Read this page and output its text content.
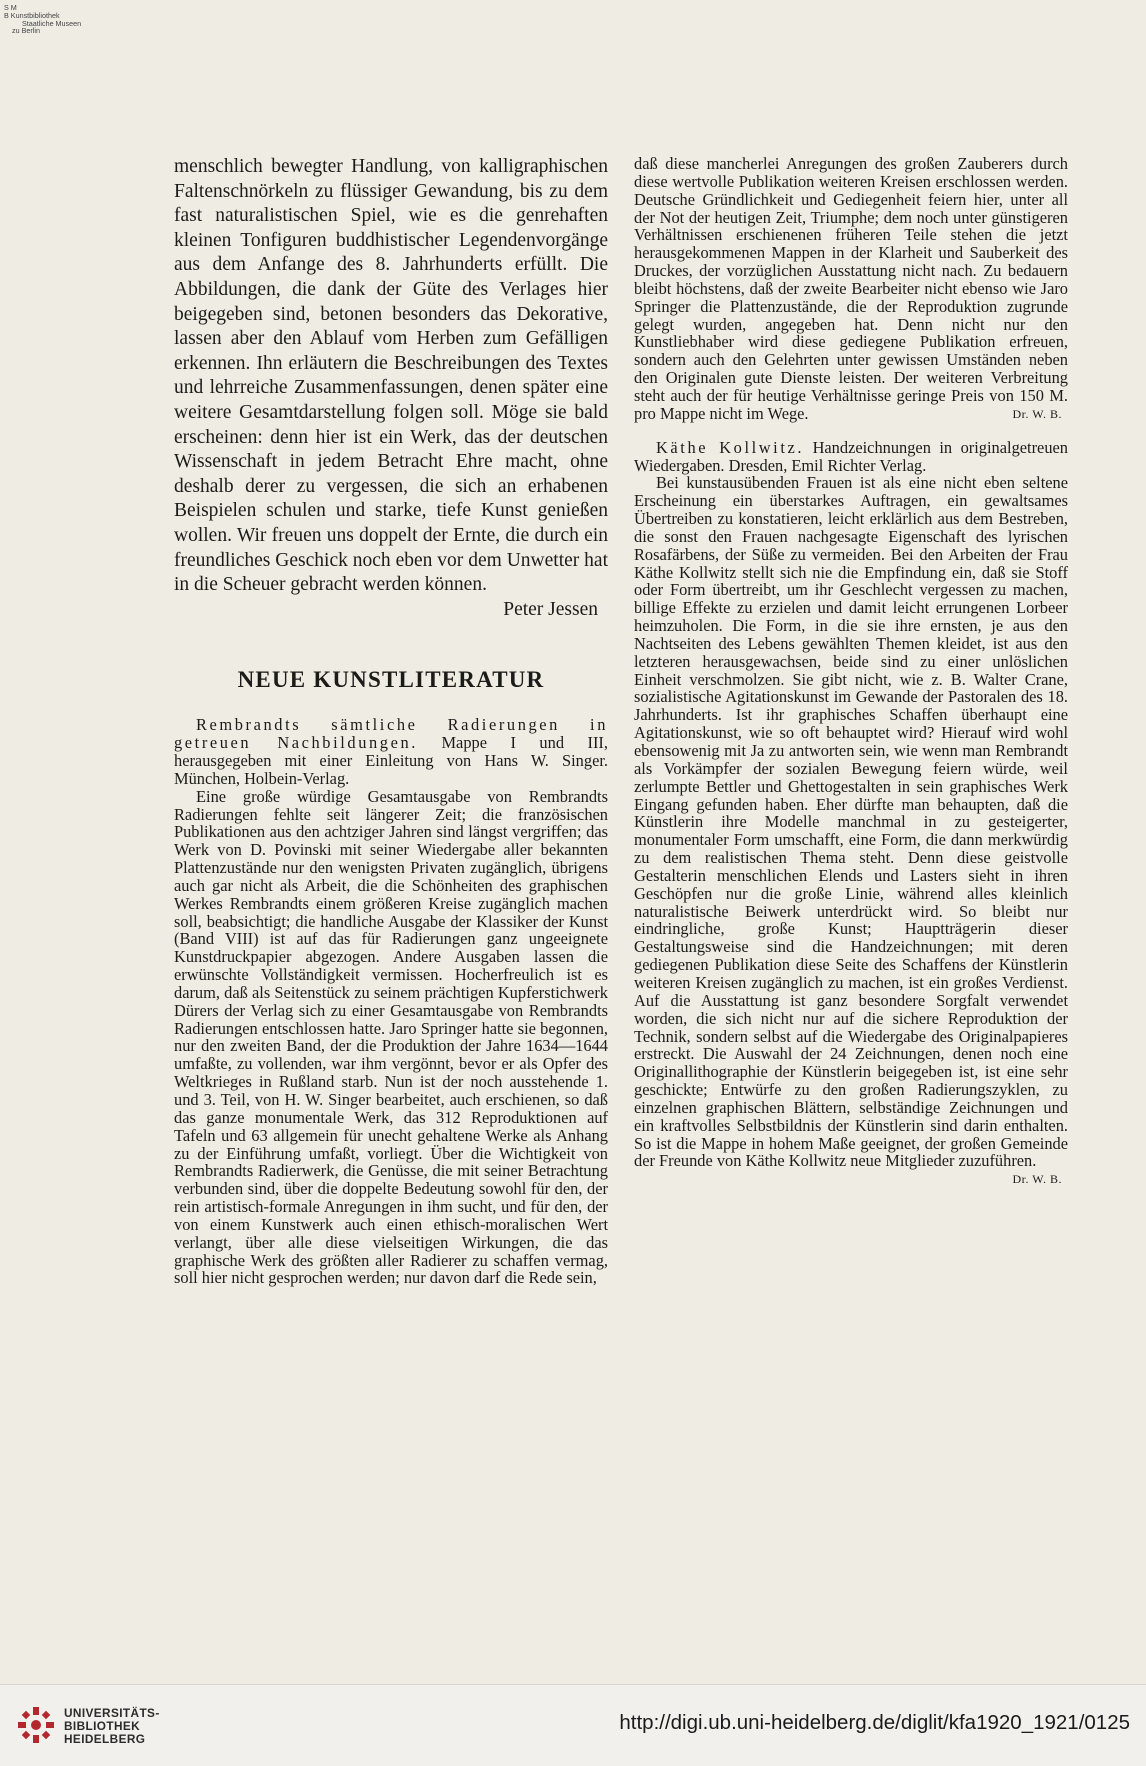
S M
B Kunstbibliothek
Staatliche Museen
zu Berlin

menschlich bewegter Handlung, von kalligraphischen Faltenschnörkeln zu flüssiger Gewandung, bis zu dem fast naturalistischen Spiel, wie es die genrehaften kleinen Tonfiguren buddhistischer Legendenvorgänge aus dem Anfange des 8. Jahrhunderts erfüllt. Die Abbildungen, die dank der Güte des Verlages hier beigegeben sind, betonen besonders das Dekorative, lassen aber den Ablauf vom Herben zum Gefälligen erkennen. Ihn erläutern die Beschreibungen des Textes und lehrreiche Zusammenfassungen, denen später eine weitere Gesamtdarstellung folgen soll. Möge sie bald erscheinen: denn hier ist ein Werk, das der deutschen Wissenschaft in jedem Betracht Ehre macht, ohne deshalb derer zu vergessen, die sich an erhabenen Beispielen schulen und starke, tiefe Kunst genießen wollen. Wir freuen uns doppelt der Ernte, die durch ein freundliches Geschick noch eben vor dem Unwetter hat in die Scheuer gebracht werden können.

Peter Jessen

NEUE KUNSTLITERATUR

Rembrandts sämtliche Radierungen in getreuen Nachbildungen. Mappe I und III, herausgegeben mit einer Einleitung von Hans W. Singer. München, Holbein-Verlag.

Eine große würdige Gesamtausgabe von Rembrandts Radierungen fehlte seit längerer Zeit; die französischen Publikationen aus den achtziger Jahren sind längst vergriffen; das Werk von D. Povinski mit seiner Wiedergabe aller bekannten Plattenzustände nur den wenigsten Privaten zugänglich, übrigens auch gar nicht als Arbeit, die die Schönheiten des graphischen Werkes Rembrandts einem größeren Kreise zugänglich machen soll, beabsichtigt; die handliche Ausgabe der Klassiker der Kunst (Band VIII) ist auf das für Radierungen ganz ungeeignete Kunstdruckpapier abgezogen. Andere Ausgaben lassen die erwünschte Vollständigkeit vermissen. Hocherfreulich ist es darum, daß als Seitenstück zu seinem prächtigen Kupferstichwerk Dürers der Verlag sich zu einer Gesamtausgabe von Rembrandts Radierungen entschlossen hatte. Jaro Springer hatte sie begonnen, nur den zweiten Band, der die Produktion der Jahre 1634—1644 umfaßte, zu vollenden, war ihm vergönnt, bevor er als Opfer des Weltkrieges in Rußland starb. Nun ist der noch ausstehende 1. und 3. Teil, von H. W. Singer bearbeitet, auch erschienen, so daß das ganze monumentale Werk, das 312 Reproduktionen auf Tafeln und 63 allgemein für unecht gehaltene Werke als Anhang zu der Einführung umfaßt, vorliegt. Über die Wichtigkeit von Rembrandts Radierwerk, die Genüsse, die mit seiner Betrachtung verbunden sind, über die doppelte Bedeutung sowohl für den, der rein artistisch-formale Anregungen in ihm sucht, und für den, der von einem Kunstwerk auch einen ethisch-moralischen Wert verlangt, über alle diese vielseitigen Wirkungen, die das graphische Werk des größten aller Radierer zu schaffen vermag, soll hier nicht gesprochen werden; nur davon darf die Rede sein,

daß diese mancherlei Anregungen des großen Zauberers durch diese wertvolle Publikation weiteren Kreisen erschlossen werden. Deutsche Gründlichkeit und Gediegenheit feiern hier, unter all der Not der heutigen Zeit, Triumphe; dem noch unter günstigeren Verhältnissen erschienenen früheren Teile stehen die jetzt herausgekommenen Mappen in der Klarheit und Sauberkeit des Druckes, der vorzüglichen Ausstattung nicht nach. Zu bedauern bleibt höchstens, daß der zweite Bearbeiter nicht ebenso wie Jaro Springer die Plattenzustände, die der Reproduktion zugrunde gelegt wurden, angegeben hat. Denn nicht nur den Kunstliebhaber wird diese gediegene Publikation erfreuen, sondern auch den Gelehrten unter gewissen Umständen neben den Originalen gute Dienste leisten. Der weiteren Verbreitung steht auch der für heutige Verhältnisse geringe Preis von 150 M. pro Mappe nicht im Wege.	Dr. W. B.

Käthe Kollwitz. Handzeichnungen in originalgetreuen Wiedergaben. Dresden, Emil Richter Verlag.

Bei kunstausübenden Frauen ist als eine nicht eben seltene Erscheinung ein überstarkes Auftragen, ein gewaltsames Übertreiben zu konstatieren, leicht erklärlich aus dem Bestreben, die sonst den Frauen nachgesagte Eigenschaft des lyrischen Rosafärbens, der Süße zu vermeiden. Bei den Arbeiten der Frau Käthe Kollwitz stellt sich nie die Empfindung ein, daß sie Stoff oder Form übertreibt, um ihr Geschlecht vergessen zu machen, billige Effekte zu erzielen und damit leicht errungenen Lorbeer heimzuholen. Die Form, in die sie ihre ernsten, je aus den Nachtseiten des Lebens gewählten Themen kleidet, ist aus den letzteren herausgewachsen, beide sind zu einer unlöslichen Einheit verschmolzen. Sie gibt nicht, wie z. B. Walter Crane, sozialistische Agitationskunst im Gewande der Pastoralen des 18. Jahrhunderts. Ist ihr graphisches Schaffen überhaupt eine Agitationskunst, wie so oft behauptet wird? Hierauf wird wohl ebensowenig mit Ja zu antworten sein, wie wenn man Rembrandt als Vorkämpfer der sozialen Bewegung feiern würde, weil zerlumpte Bettler und Ghettogestalten in sein graphisches Werk Eingang gefunden haben. Eher dürfte man behaupten, daß die Künstlerin ihre Modelle manchmal in zu gesteigerter, monumentaler Form umschafft, eine Form, die dann merkwürdig zu dem realistischen Thema steht. Denn diese geistvolle Gestalterin menschlichen Elends und Lasters sieht in ihren Geschöpfen nur die große Linie, während alles kleinlich naturalistische Beiwerk unterdrückt wird. So bleibt nur eindringliche, große Kunst; Hauptträgerin dieser Gestaltungsweise sind die Handzeichnungen; mit deren gediegenen Publikation diese Seite des Schaffens der Künstlerin weiteren Kreisen zugänglich zu machen, ist ein großes Verdienst. Auf die Ausstattung ist ganz besondere Sorgfalt verwendet worden, die sich nicht nur auf die sichere Reproduktion der Technik, sondern selbst auf die Wiedergabe des Originalpapieres erstreckt. Die Auswahl der 24 Zeichnungen, denen noch eine Originallithographie der Künstlerin beigegeben ist, ist eine sehr geschickte; Entwürfe zu den großen Radierungszyklen, zu einzelnen graphischen Blättern, selbständige Zeichnungen und ein kraftvolles Selbstbildnis der Künstlerin sind darin enthalten. So ist die Mappe in hohem Maße geeignet, der großen Gemeinde der Freunde von Käthe Kollwitz neue Mitglieder zuzuführen.
Dr. W. B.

UNIVERSITÄTS-
BIBLIOTHEK
HEIDELBERG
http://digi.ub.uni-heidelberg.de/diglit/kfa1920_1921/0125
